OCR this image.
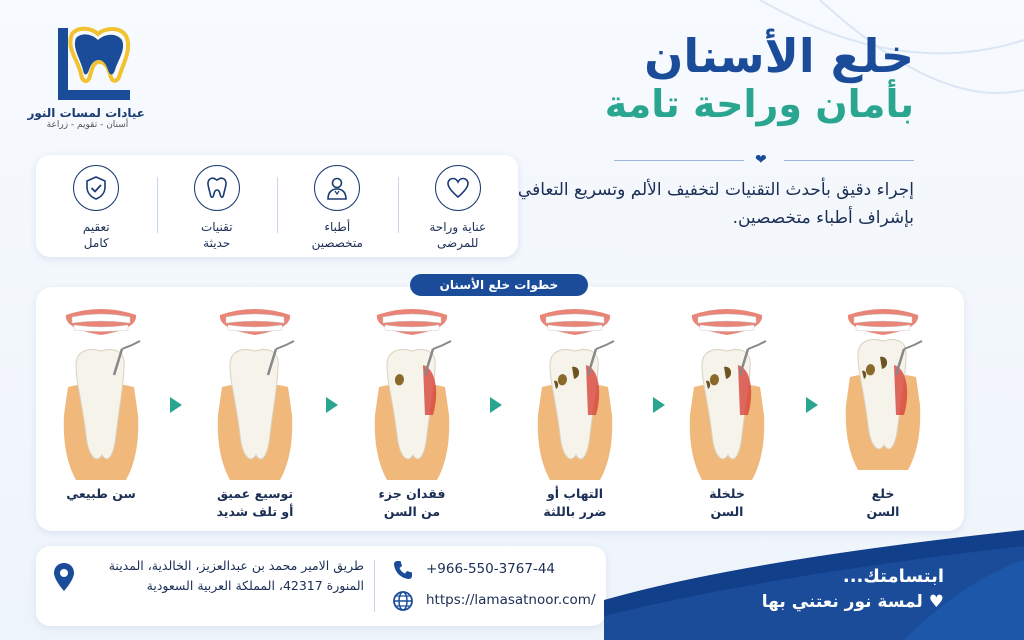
عيادات لمسات النور
أسنان - تقويم - زراعة
خلع الأسنان
بأمان وراحة تامة
❤
إجراء دقيق بأحدث التقنيات لتخفيف الألم وتسريع التعافي بإشراف أطباء متخصصين.
تعقيم
كامل
تقنيات
حديثة
أطباء
متخصصين
عناية وراحة
للمرضى
سن طبيعي	توسيع عميق
أو تلف شديد
فقدان جزء
من السن
التهاب أو
ضرر باللثة
خلخلة
السن
خلع
السن
خطوات خلع الأسنان
طريق الامير محمد بن عبدالعزيز، الخالدية، المدينة المنورة 42317، المملكة العربية السعودية
+966-550-3767-44
https://lamasatnoor.com/
ابتسامتك...
♥ لمسة نور نعتني بها
